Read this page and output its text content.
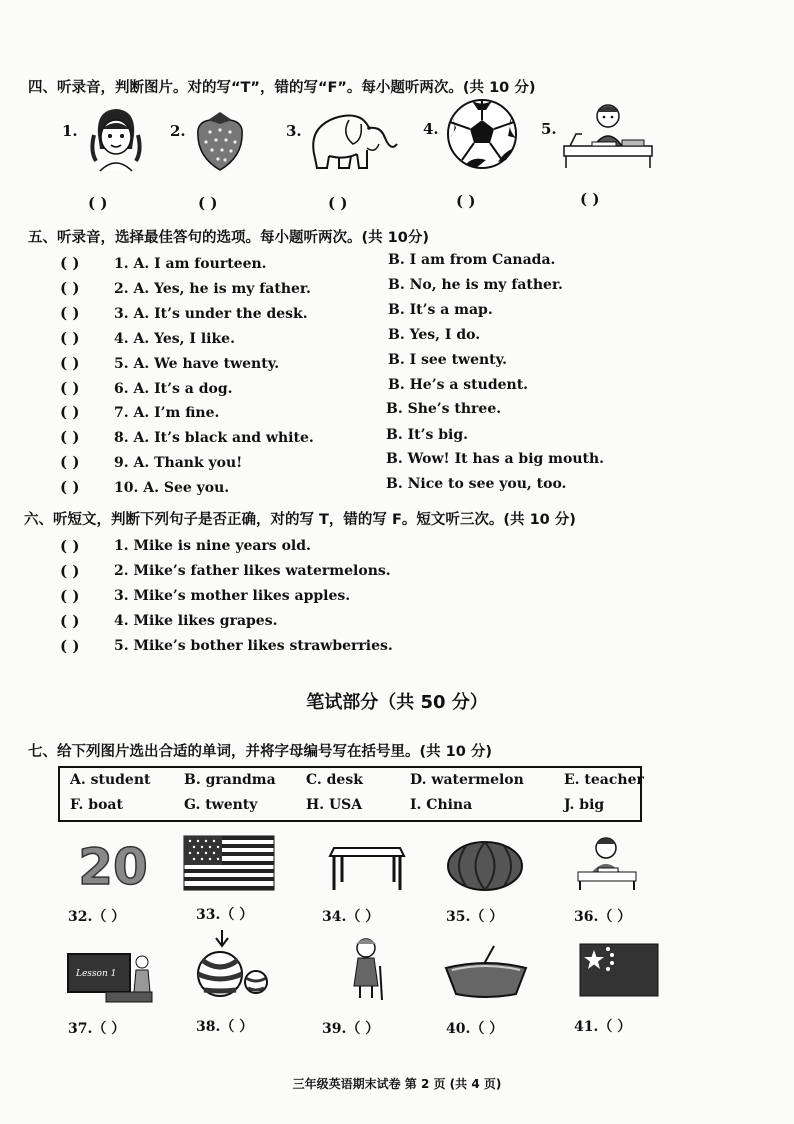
四、听录音，判断图片。对的写“T”，错的写“F”。每小题听两次。(共 10 分)
1.	2.	3.	4.	5.
( )	( )	( )	( )	( )
五、听录音，选择最佳答句的选项。每小题听两次。(共 10分)
( ) 1. A. I am fourteen.	B. I am from Canada.
( ) 2. A. Yes, he is my father.	B. No, he is my father.
( ) 3. A. It’s under the desk.	B. It’s a map.
( ) 4. A. Yes, I like.	B. Yes, I do.
( ) 5. A. We have twenty.	B. I see twenty.
( ) 6. A. It’s a dog.	B. He’s a student.
( ) 7. A. I’m fine.	B. She’s three.
( ) 8. A. It’s black and white.	B. It’s big.
( ) 9. A. Thank you!	B. Wow! It has a big mouth.
( ) 10. A. See you.	B. Nice to see you, too.
六、听短文，判断下列句子是否正确，对的写 T，错的写 F。短文听三次。(共 10 分)
( ) 1. Mike is nine years old.
( ) 2. Mike’s father likes watermelons.
( ) 3. Mike’s mother likes apples.
( ) 4. Mike likes grapes.
( ) 5. Mike’s bother likes strawberries.
笔试部分（共 50 分）
七、给下列图片选出合适的单词，并将字母编号写在括号里。(共 10 分)
A. student B. grandma C. desk	D. watermelon	E. teacher
F. boat	G. twenty	H. USA	I. China	J. big
20
32.（ ）	33.（ ）	34.（ ）	35.（ ）	36.（ ）
Lesson 1
37.（ ）	38.（ ）	39.（ ）	40.（ ）	41.（ ）
三年级英语期末试卷 第 2 页 (共 4 页)
